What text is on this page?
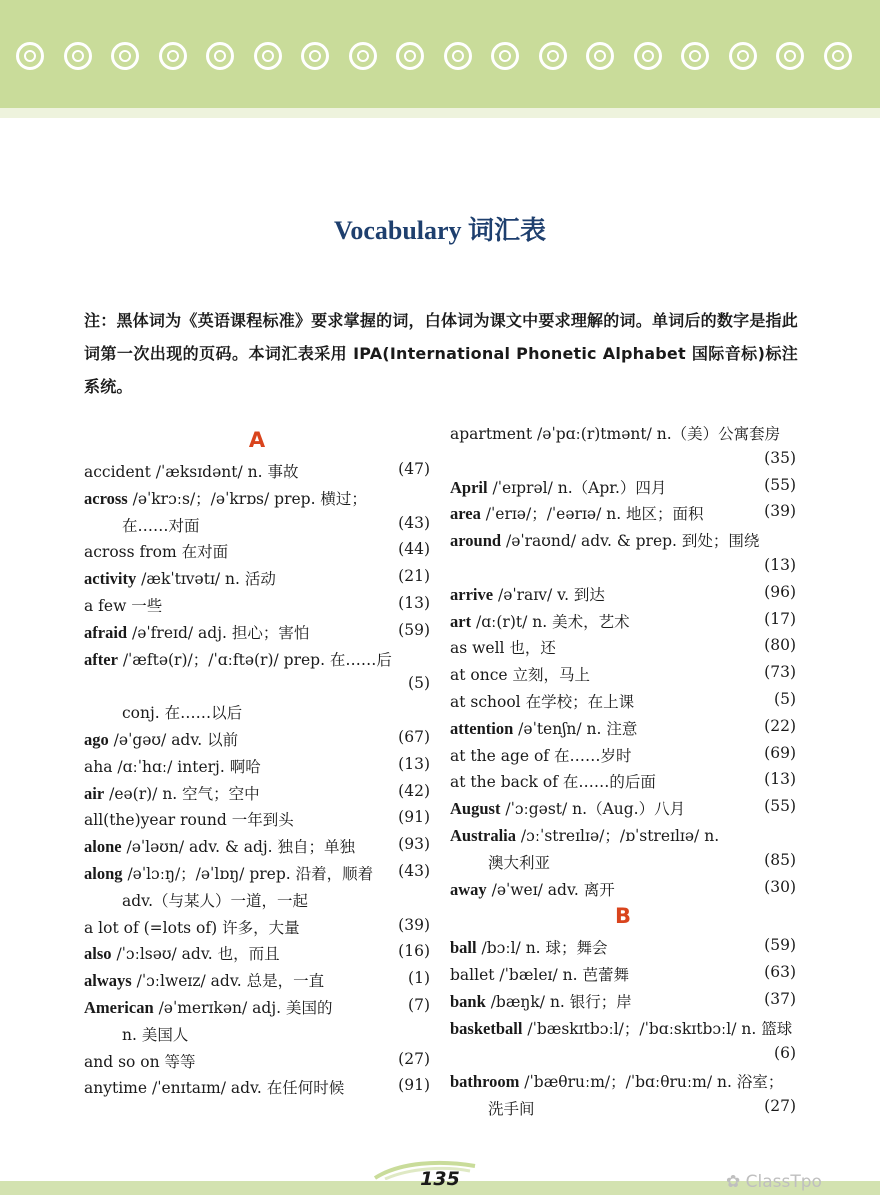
Vocabulary 词汇表

注：黑体词为《英语课程标准》要求掌握的词，白体词为课文中要求理解的词。单词后的数字是指此词第一次出现的页码。本词汇表采用 IPA(International Phonetic Alphabet 国际音标)标注系统。

A
accident /ˈæksɪdənt/ n. 事故	(47)
across /əˈkrɔːs/；/əˈkrɒs/ prep. 横过；
在……对面	(43)
across from 在对面	(44)
activity /ækˈtɪvətɪ/ n. 活动	(21)
a few 一些	(13)
afraid /əˈfreɪd/ adj. 担心；害怕	(59)
after /ˈæftə(r)/；/ˈɑːftə(r)/ prep. 在……后
(5)
conj. 在……以后
ago /əˈgəʊ/ adv. 以前	(67)
aha /ɑːˈhɑː/ interj. 啊哈	(13)
air /eə(r)/ n. 空气；空中	(42)
all(the)year round 一年到头	(91)
alone /əˈləʊn/ adv. & adj. 独自；单独	(93)
along /əˈlɔːŋ/；/əˈlɒŋ/ prep. 沿着，顺着 (43)
adv.（与某人）一道，一起
a lot of (=lots of) 许多，大量	(39)
also /ˈɔːlsəʊ/ adv. 也，而且	(16)
always /ˈɔːlweɪz/ adv. 总是，一直	(1)
American /əˈmerɪkən/ adj. 美国的	(7)
n. 美国人
and so on 等等	(27)
anytime /ˈenɪtaɪm/ adv. 在任何时候	(91)
apartment /əˈpɑː(r)tmənt/ n.（美）公寓套房
(35)
April /ˈeɪprəl/ n.（Apr.）四月	(55)
area /ˈerɪə/；/ˈeərɪə/ n. 地区；面积	(39)
around /əˈraʊnd/ adv. & prep. 到处；围绕
(13)
arrive /əˈraɪv/ v. 到达	(96)
art /ɑː(r)t/ n. 美术，艺术	(17)
as well 也，还	(80)
at once 立刻，马上	(73)
at school 在学校；在上课	(5)
attention /əˈtenʃn/ n. 注意	(22)
at the age of 在……岁时	(69)
at the back of 在……的后面	(13)
August /ˈɔːgəst/ n.（Aug.）八月	(55)
Australia /ɔːˈstreɪlɪə/；/ɒˈstreɪlɪə/ n.
澳大利亚	(85)
away /əˈweɪ/ adv. 离开	(30)
B
ball /bɔːl/ n. 球；舞会	(59)
ballet /ˈbæleɪ/ n. 芭蕾舞	(63)
bank /bæŋk/ n. 银行；岸	(37)
basketball /ˈbæskɪtbɔːl/；/ˈbɑːskɪtbɔːl/ n. 篮球
(6)
bathroom /ˈbæθruːm/；/ˈbɑːθruːm/ n. 浴室；
洗手间	(27)
135	✿ ClassTpo
